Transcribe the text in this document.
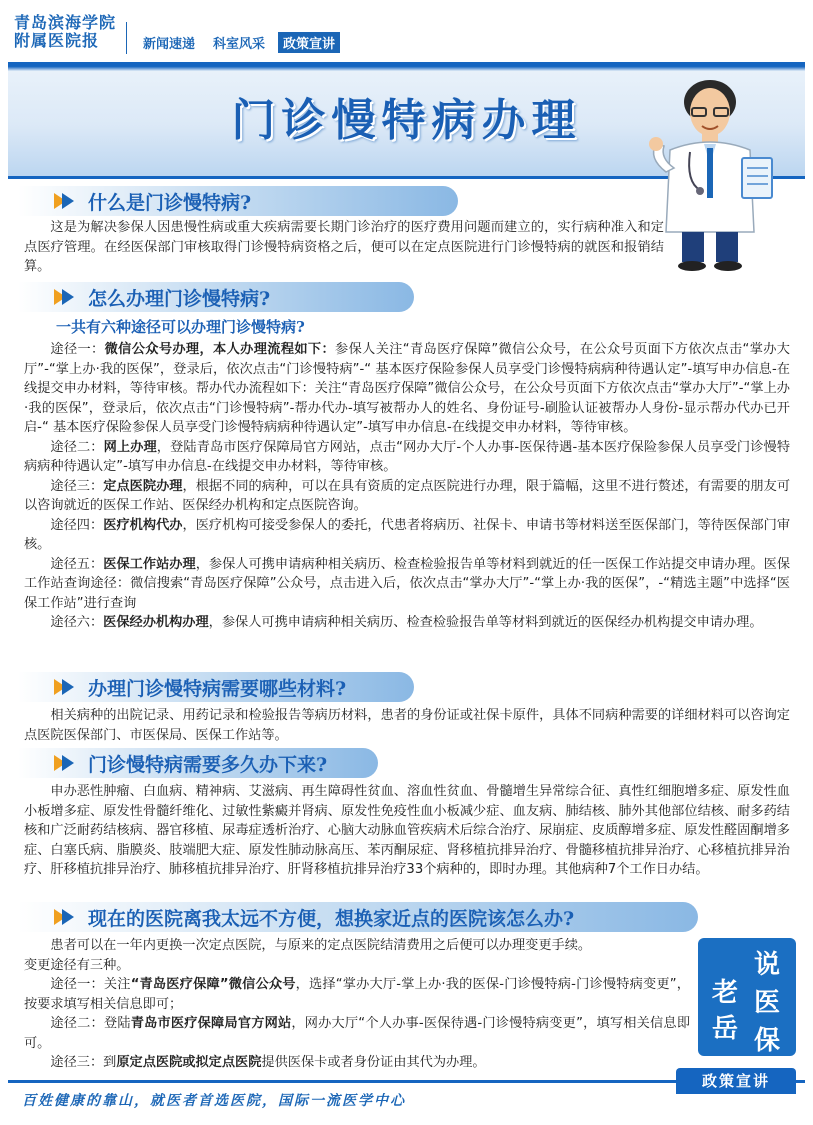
青岛滨海学院
附属医院报	新闻速递	科室风采	政策宣讲
门诊慢特病办理
什么是门诊慢特病?

这是为解决参保人因患慢性病或重大疾病需要长期门诊治疗的医疗费用问题而建立的，实行病种准入和定点医疗管理。在经医保部门审核取得门诊慢特病资格之后，便可以在定点医院进行门诊慢特病的就医和报销结算。

怎么办理门诊慢特病?
一共有六种途径可以办理门诊慢特病?

途径一：微信公众号办理，本人办理流程如下：参保人关注“青岛医疗保障”微信公众号，在公众号页面下方依次点击“掌办大厅”-“掌上办·我的医保”，登录后，依次点击“门诊慢特病”-“ 基本医疗保险参保人员享受门诊慢特病病种待遇认定”-填写申办信息-在线提交申办材料，等待审核。帮办代办流程如下：关注“青岛医疗保障”微信公众号，在公众号页面下方依次点击“掌办大厅”-“掌上办·我的医保”，登录后，依次点击“门诊慢特病”-帮办代办-填写被帮办人的姓名、身份证号-刷脸认证被帮办人身份-显示帮办代办已开启-“ 基本医疗保险参保人员享受门诊慢特病病种待遇认定”-填写申办信息-在线提交申办材料，等待审核。

途径二：网上办理，登陆青岛市医疗保障局官方网站，点击“网办大厅-个人办事-医保待遇-基本医疗保险参保人员享受门诊慢特病病种待遇认定”-填写申办信息-在线提交申办材料，等待审核。

途径三：定点医院办理，根据不同的病种，可以在具有资质的定点医院进行办理，限于篇幅，这里不进行赘述，有需要的朋友可以咨询就近的医保工作站、医保经办机构和定点医院咨询。

途径四：医疗机构代办，医疗机构可接受参保人的委托，代患者将病历、社保卡、申请书等材料送至医保部门，等待医保部门审核。

途径五：医保工作站办理，参保人可携申请病种相关病历、检查检验报告单等材料到就近的任一医保工作站提交申请办理。医保工作站查询途径：微信搜索“青岛医疗保障”公众号，点击进入后，依次点击“掌办大厅”-“掌上办·我的医保”，-“精选主题”中选择“医保工作站”进行查询

途径六：医保经办机构办理，参保人可携申请病种相关病历、检查检验报告单等材料到就近的医保经办机构提交申请办理。

办理门诊慢特病需要哪些材料?

相关病种的出院记录、用药记录和检验报告等病历材料，患者的身份证或社保卡原件，具体不同病种需要的详细材料可以咨询定点医院医保部门、市医保局、医保工作站等。

门诊慢特病需要多久办下来?

申办恶性肿瘤、白血病、精神病、艾滋病、再生障碍性贫血、溶血性贫血、骨髓增生异常综合征、真性红细胞增多症、原发性血小板增多症、原发性骨髓纤维化、过敏性紫癜并肾病、原发性免疫性血小板减少症、血友病、肺结核、肺外其他部位结核、耐多药结核和广泛耐药结核病、器官移植、尿毒症透析治疗、心脑大动脉血管疾病术后综合治疗、尿崩症、皮质醇增多症、原发性醛固酮增多症、白塞氏病、脂膜炎、肢端肥大症、原发性肺动脉高压、苯丙酮尿症、肾移植抗排异治疗、骨髓移植抗排异治疗、心移植抗排异治疗、肝移植抗排异治疗、肺移植抗排异治疗、肝肾移植抗排异治疗33个病种的，即时办理。其他病种7个工作日办结。

现在的医院离我太远不方便，想换家近点的医院该怎么办?

患者可以在一年内更换一次定点医院，与原来的定点医院结清费用之后便可以办理变更手续。

变更途径有三种。

途径一：关注“青岛医疗保障”微信公众号，选择“掌办大厅-掌上办·我的医保-门诊慢特病-门诊慢特病变更”，按要求填写相关信息即可；

途径二：登陆青岛市医疗保障局官方网站，网办大厅“个人办事-医保待遇-门诊慢特病变更”，填写相关信息即可。

途径三：到原定点医院或拟定点医院提供医保卡或者身份证由其代为办理。

说
老 医
岳 保
政策宣讲
百姓健康的靠山，就医者首选医院，国际一流医学中心
